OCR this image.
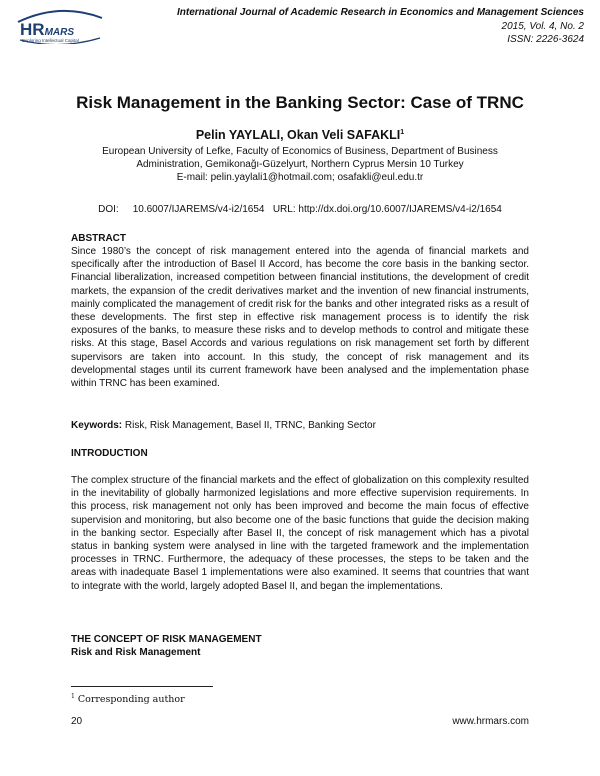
HRMARS
Exploring Intellectual Capital
International Journal of Academic Research in Economics and Management Sciences
2015, Vol. 4, No. 2
ISSN: 2226-3624
Risk Management in the Banking Sector: Case of TRNC
Pelin YAYLALI, Okan Veli SAFAKLI$^1$
European University of Lefke, Faculty of Economics of Business, Department of Business
Administration, Gemikonağı-Güzelyurt, Northern Cyprus Mersin 10 Turkey
E-mail: pelin.yaylali1@hotmail.com; osafakli@eul.edu.tr
DOI: 10.6007/IJAREMS/v4-i2/1654 URL: http://dx.doi.org/10.6007/IJAREMS/v4-i2/1654
ABSTRACT
Since 1980’s the concept of risk management entered into the agenda of financial markets and specifically after the introduction of Basel II Accord, has become the core basis in the banking sector. Financial liberalization, increased competition between financial institutions, the development of credit markets, the expansion of the credit derivatives market and the invention of new financial instruments, mainly complicated the management of credit risk for the banks and other integrated risks as a result of these developments. The first step in effective risk management process is to identify the risk exposures of the banks, to measure these risks and to develop methods to control and mitigate these risks. At this stage, Basel Accords and various regulations on risk management set forth by different supervisors are taken into account. In this study, the concept of risk management and its developmental stages until its current framework have been analysed and the implementation phase within TRNC has been examined.
Keywords: Risk, Risk Management, Basel II, TRNC, Banking Sector
INTRODUCTION
The complex structure of the financial markets and the effect of globalization on this complexity resulted in the inevitability of globally harmonized legislations and more effective supervision requirements. In this process, risk management not only has been improved and become the main focus of effective supervision and monitoring, but also become one of the basic functions that guide the decision making in the banking sector. Especially after Basel II, the concept of risk management which has a pivotal status in banking system were analysed in line with the targeted framework and the implementation processes in TRNC. Furthermore, the adequacy of these processes, the steps to be taken and the areas with inadequate Basel 1 implementations were also examined. It seems that countries that want to integrate with the world, largely adopted Basel II, and began the implementations.
THE CONCEPT OF RISK MANAGEMENT
Risk and Risk Management
$^1$ Corresponding author
20	www.hrmars.com
